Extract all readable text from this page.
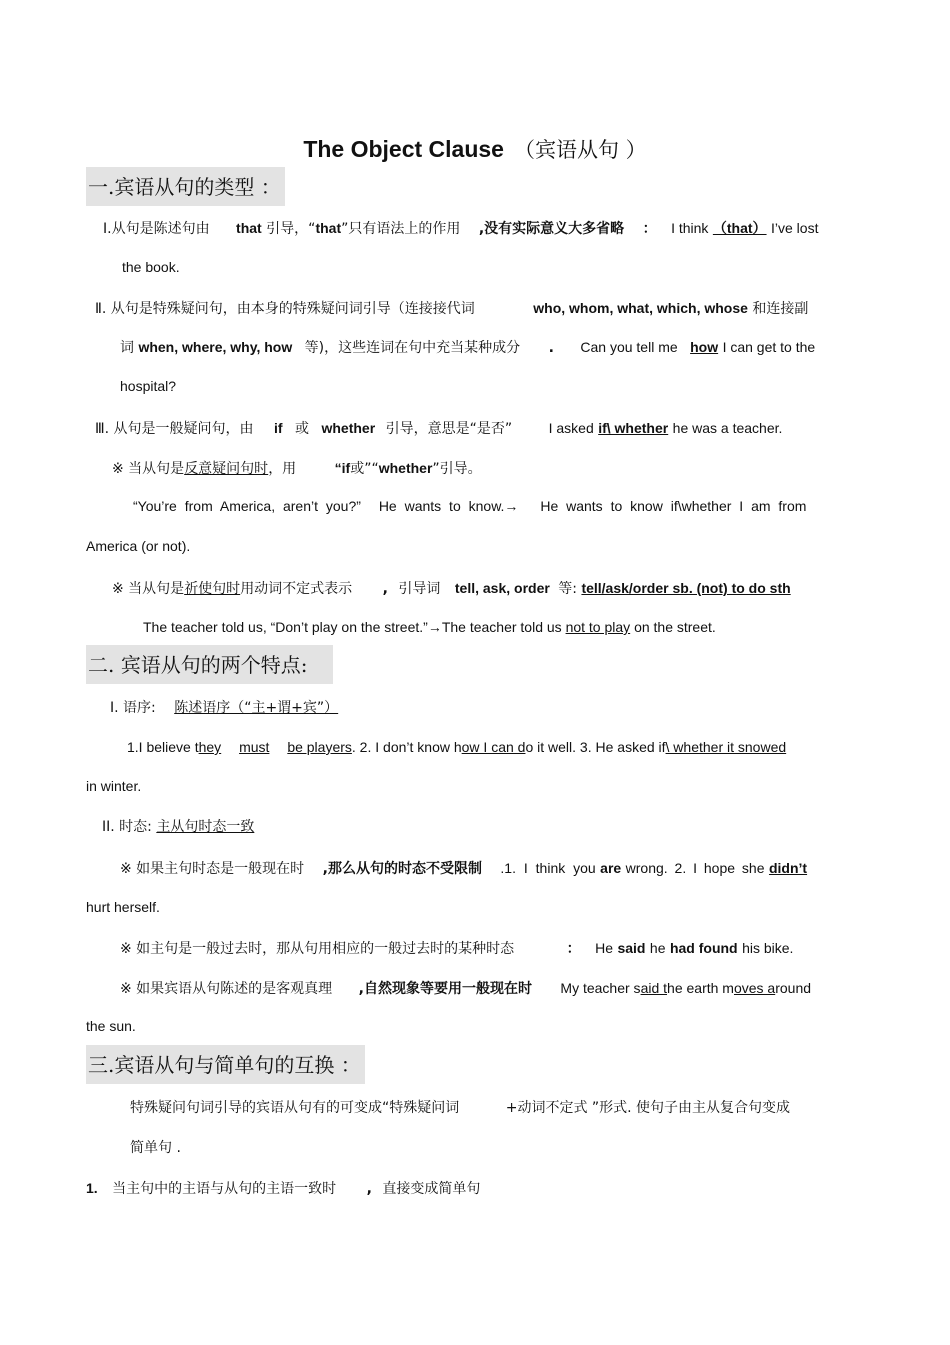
The Object Clause （宾语从句 ）
一.宾语从句的类型 ：
Ⅰ.从句是陈述句由 that 引导，“that”只有语法上的作用 ,没有实际意义大多省略 ： I think （that） I’ve lost
the book.
Ⅱ. 从句是特殊疑问句，由本身的特殊疑问词引导（连接接代词	who, whom, what, which, whose 和连接副
词 when, where, why, how 等)，这些连词在句中充当某种成分 . Can you tell me how I can get to the
hospital?
Ⅲ. 从句是一般疑问句，由 if 或 whether 引导，意思是“是否”	I asked if\ whether he was a teacher.
※ 当从句是反意疑问句时，用	“if或”“whether”引导。
“You’re from America, aren’t you?” He wants to know.→ He wants to know if\whether I am from
America (or not).
※ 当从句是祈使句时用动词不定式表示 , 引导词 tell, ask, order 等: tell/ask/order sb. (not) to do sth
The teacher told us, “Don’t play on the street.”→The teacher told us not to play on the street.
二. 宾语从句的两个特点:
I. 语序: 陈述语序（“主+谓+宾”）
1.I believe they must be players. 2. I don’t know how I can do it well. 3. He asked if\ whether it snowed
in winter.
II. 时态: 主从句时态一致
※ 如果主句时态是一般现在时 ,那么从句的时态不受限制 .1. I think you are wrong. 2. I hope she didn’t
hurt herself.
※ 如主句是一般过去时，那从句用相应的一般过去时的某种时态	： He said he had found his bike.
※ 如果宾语从句陈述的是客观真理 ,自然现象等要用一般现在时 My teacher said the earth moves around
the sun.
三.宾语从句与简单句的互换 ：
特殊疑问句词引导的宾语从句有的可变成“特殊疑问词	+动词不定式 ”形式. 使句子由主从复合句变成
简单句 .
1. 当主句中的主语与从句的主语一致时 , 直接变成简单句
